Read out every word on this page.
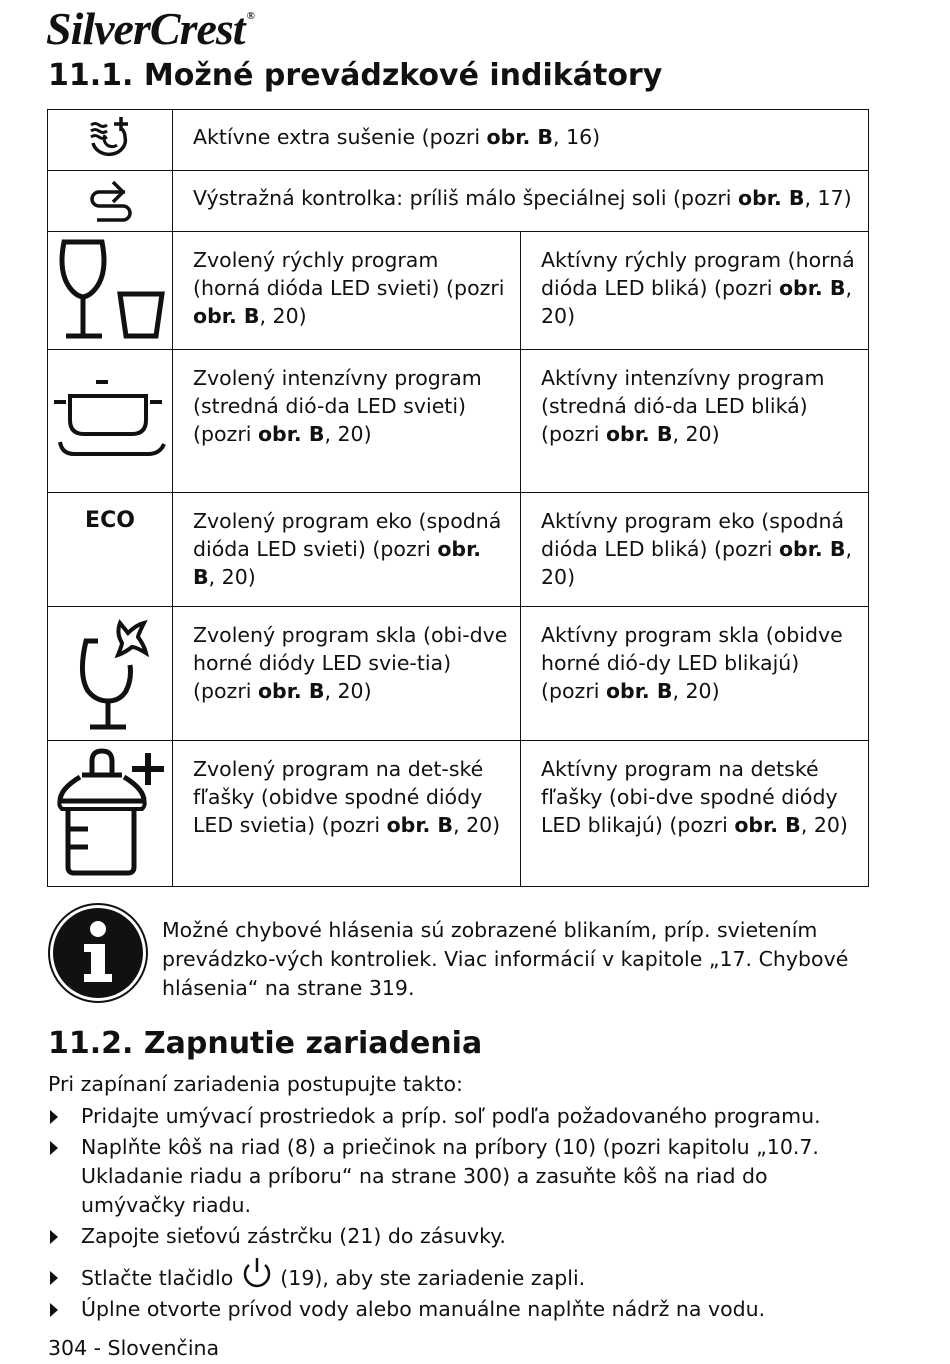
SilverCrest ®
11.1. Možné prevádzkové indikátory
	Aktívne extra sušenie (pozri obr. B, 16)	
	Výstražná kontrolka: príliš málo špeciálnej soli (pozri obr. B, 17)	
	Zvolený rýchly program (horná dióda LED svieti) (pozri obr. B, 20)	Aktívny rýchly program (horná dióda LED bliká) (pozri obr. B, 20)
	Zvolený intenzívny program (stredná dió-da LED svieti) (pozri obr. B, 20)	Aktívny intenzívny program (stredná dió-da LED bliká) (pozri obr. B, 20)

ECO	Zvolený program eko (spodná dióda LED svieti) (pozri obr. B, 20)	Aktívny program eko (spodná dióda LED bliká) (pozri obr. B, 20)
	Zvolený program skla (obi-dve horné diódy LED svie-tia) (pozri obr. B, 20)	Aktívny program skla (obidve horné dió-dy LED blikajú) (pozri obr. B, 20)
	Zvolený program na det-ské fľašky (obidve spodné diódy LED svietia) (pozri obr. B, 20)	Aktívny program na detské fľašky (obi-dve spodné diódy LED blikajú) (pozri obr. B, 20)
Možné chybové hlásenia sú zobrazené blikaním, príp. svietením prevádzko-vých kontroliek. Viac informácií v kapitole „17. Chybové hlásenia“ na strane 319.
11.2. Zapnutie zariadenia
Pri zapínaní zariadenia postupujte takto:
Pridajte umývací prostriedok a príp. soľ podľa požadovaného programu.
Naplňte kôš na riad (8) a priečinok na príbory (10) (pozri kapitolu „10.7. Ukladanie riadu a príboru“ na strane 300) a zasuňte kôš na riad do umývačky riadu.
Zapojte sieťovú zástrčku (21) do zásuvky.
Stlačte tlačidlo  (19), aby ste zariadenie zapli.
Úplne otvorte prívod vody alebo manuálne naplňte nádrž na vodu.
304 - Slovenčina
